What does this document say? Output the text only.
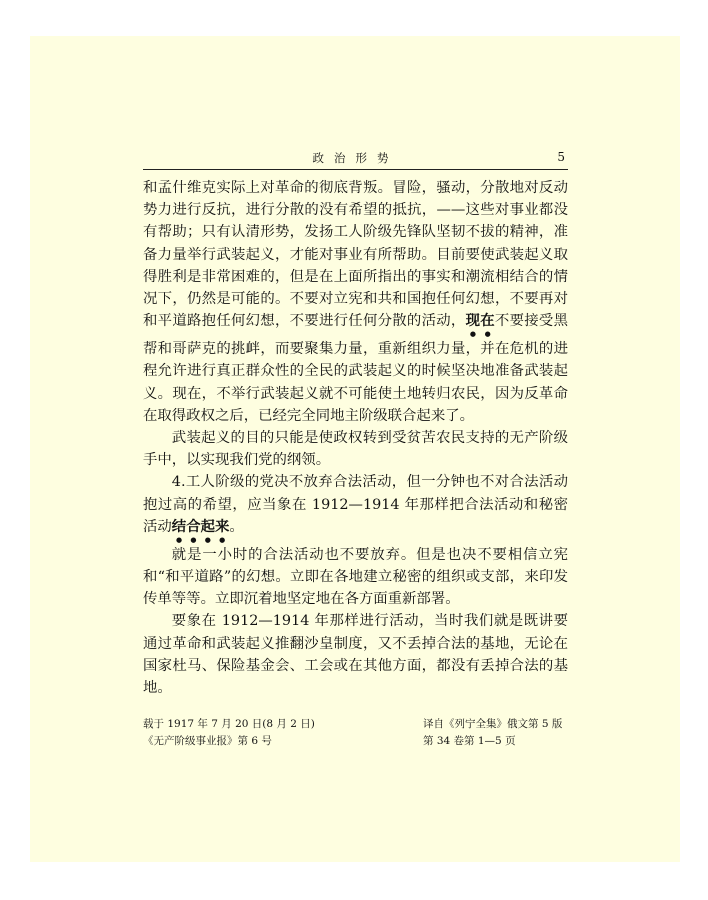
政治形势	5

和孟什维克实际上对革命的彻底背叛。冒险，骚动，分散地对反动势力进行反抗，进行分散的没有希望的抵抗，——这些对事业都没有帮助；只有认清形势，发扬工人阶级先锋队坚韧不拔的精神，准备力量举行武装起义，才能对事业有所帮助。目前要使武装起义取得胜利是非常困难的，但是在上面所指出的事实和潮流相结合的情况下，仍然是可能的。不要对立宪和共和国抱任何幻想，不要再对和平道路抱任何幻想，不要进行任何分散的活动，现在不要接受黑帮和哥萨克的挑衅，而要聚集力量，重新组织力量，并在危机的进程允许进行真正群众性的全民的武装起义的时候坚决地准备武装起义。现在，不举行武装起义就不可能使土地转归农民，因为反革命在取得政权之后，已经完全同地主阶级联合起来了。

武装起义的目的只能是使政权转到受贫苦农民支持的无产阶级手中，以实现我们党的纲领。

4.工人阶级的党决不放弃合法活动，但一分钟也不对合法活动抱过高的希望，应当象在 1912—1914 年那样把合法活动和秘密活动结合起来。

就是一小时的合法活动也不要放弃。但是也决不要相信立宪和“和平道路”的幻想。立即在各地建立秘密的组织或支部，来印发传单等等。立即沉着地坚定地在各方面重新部署。

要象在 1912—1914 年那样进行活动，当时我们就是既讲要通过革命和武装起义推翻沙皇制度，又不丢掉合法的基地，无论在国家杜马、保险基金会、工会或在其他方面，都没有丢掉合法的基地。

载于 1917 年 7 月 20 日(8 月 2 日)
《无产阶级事业报》第 6 号
译自《列宁全集》俄文第 5 版
第 34 卷第 1—5 页
